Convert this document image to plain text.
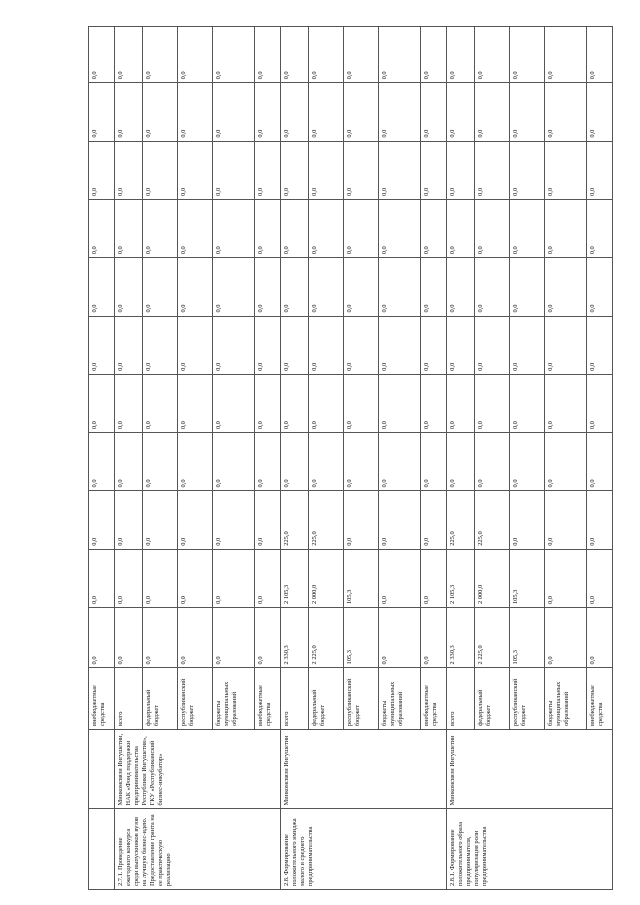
		внебюджетные средства	0,0	0,0	0,0	0,0	0,0	0,0	0,0	0,0	0,0	0,0	0,0
2.7.1. Проведение ежегодного конкурса среди выпускников вузов на лучшую бизнес-идею. Предоставление гранта на ее практическую реализацию	Минкомсвязи Ингушетии, НАК «Фонд поддержки предпринимательства Республики Ингушетия», ГКУ «Республиканский бизнес-инкубатор»	всего	0,0	0,0	0,0	0,0	0,0	0,0	0,0	0,0	0,0	0,0	0,0
		федеральный бюджет	0,0	0,0	0,0	0,0	0,0	0,0	0,0	0,0	0,0	0,0	0,0
		республиканский бюджет	0,0	0,0	0,0	0,0	0,0	0,0	0,0	0,0	0,0	0,0	0,0
		бюджеты муниципальных образований	0,0	0,0	0,0	0,0	0,0	0,0	0,0	0,0	0,0	0,0	0,0
		внебюджетные средства	0,0	0,0	0,0	0,0	0,0	0,0	0,0	0,0	0,0	0,0	0,0
2.8. Формирование положительного имиджа малого и среднего предпринимательства	Минкомсвязи Ингушетии	всего	2 330,3	2 105,3	225,0	0,0	0,0	0,0	0,0	0,0	0,0	0,0	0,0
		федеральный бюджет	2 225,0	2 000,0	225,0	0,0	0,0	0,0	0,0	0,0	0,0	0,0	0,0
		республиканский бюджет	105,3	105,3	0,0	0,0	0,0	0,0	0,0	0,0	0,0	0,0	0,0
		бюджеты муниципальных образований	0,0	0,0	0,0	0,0	0,0	0,0	0,0	0,0	0,0	0,0	0,0
		внебюджетные средства	0,0	0,0	0,0	0,0	0,0	0,0	0,0	0,0	0,0	0,0	0,0
2.8.1. Формирование положительного образа предпринимателя, популяризация роли предпринимательства	Минкомсвязи Ингушетии	всего	2 330,3	2 105,3	225,0	0,0	0,0	0,0	0,0	0,0	0,0	0,0	0,0
		федеральный бюджет	2 225,0	2 000,0	225,0	0,0	0,0	0,0	0,0	0,0	0,0	0,0	0,0
		республиканский бюджет	105,3	105,3	0,0	0,0	0,0	0,0	0,0	0,0	0,0	0,0	0,0
		бюджеты муниципальных образований	0,0	0,0	0,0	0,0	0,0	0,0	0,0	0,0	0,0	0,0	0,0
		внебюджетные средства	0,0	0,0	0,0	0,0	0,0	0,0	0,0	0,0	0,0	0,0	0,0
